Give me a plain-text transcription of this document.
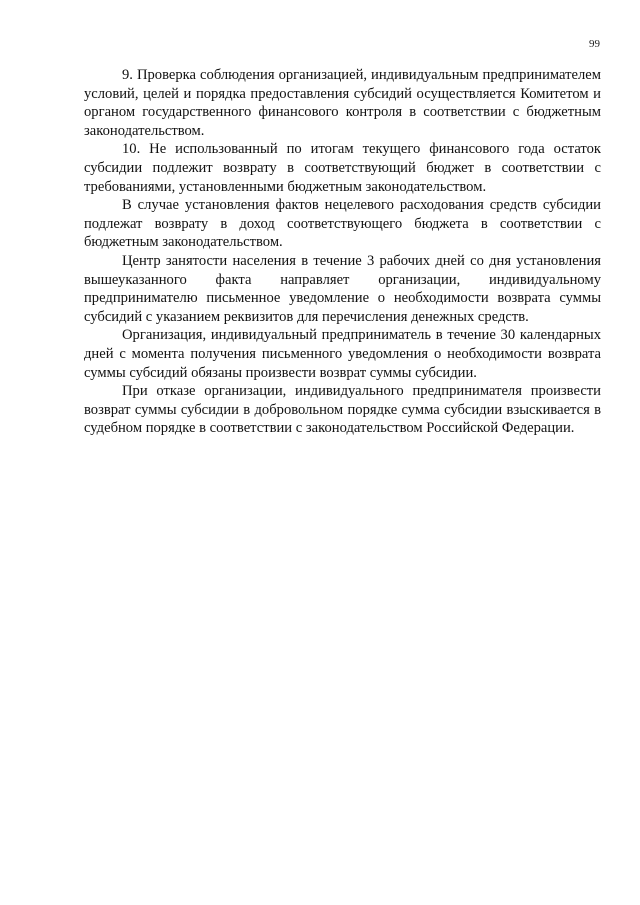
99

9. Проверка соблюдения организацией, индивидуальным предпринимателем условий, целей и порядка предоставления субсидий осуществляется Комитетом и органом государственного финансового контроля в соответствии с бюджетным законодательством.

10. Не использованный по итогам текущего финансового года остаток субсидии подлежит возврату в соответствующий бюджет в соответствии с требованиями, установленными бюджетным законодательством.

В случае установления фактов нецелевого расходования средств субсидии подлежат возврату в доход соответствующего бюджета в соответствии с бюджетным законодательством.

Центр занятости населения в течение 3 рабочих дней со дня установления вышеуказанного факта направляет организации, индивидуальному предпринимателю письменное уведомление о необходимости возврата суммы субсидий с указанием реквизитов для перечисления денежных средств.

Организация, индивидуальный предприниматель в течение 30 календарных дней с момента получения письменного уведомления о необходимости возврата суммы субсидий обязаны произвести возврат суммы субсидии.

При отказе организации, индивидуального предпринимателя произвести возврат суммы субсидии в добровольном порядке сумма субсидии взыскивается в судебном порядке в соответствии с законодательством Российской Федерации.
